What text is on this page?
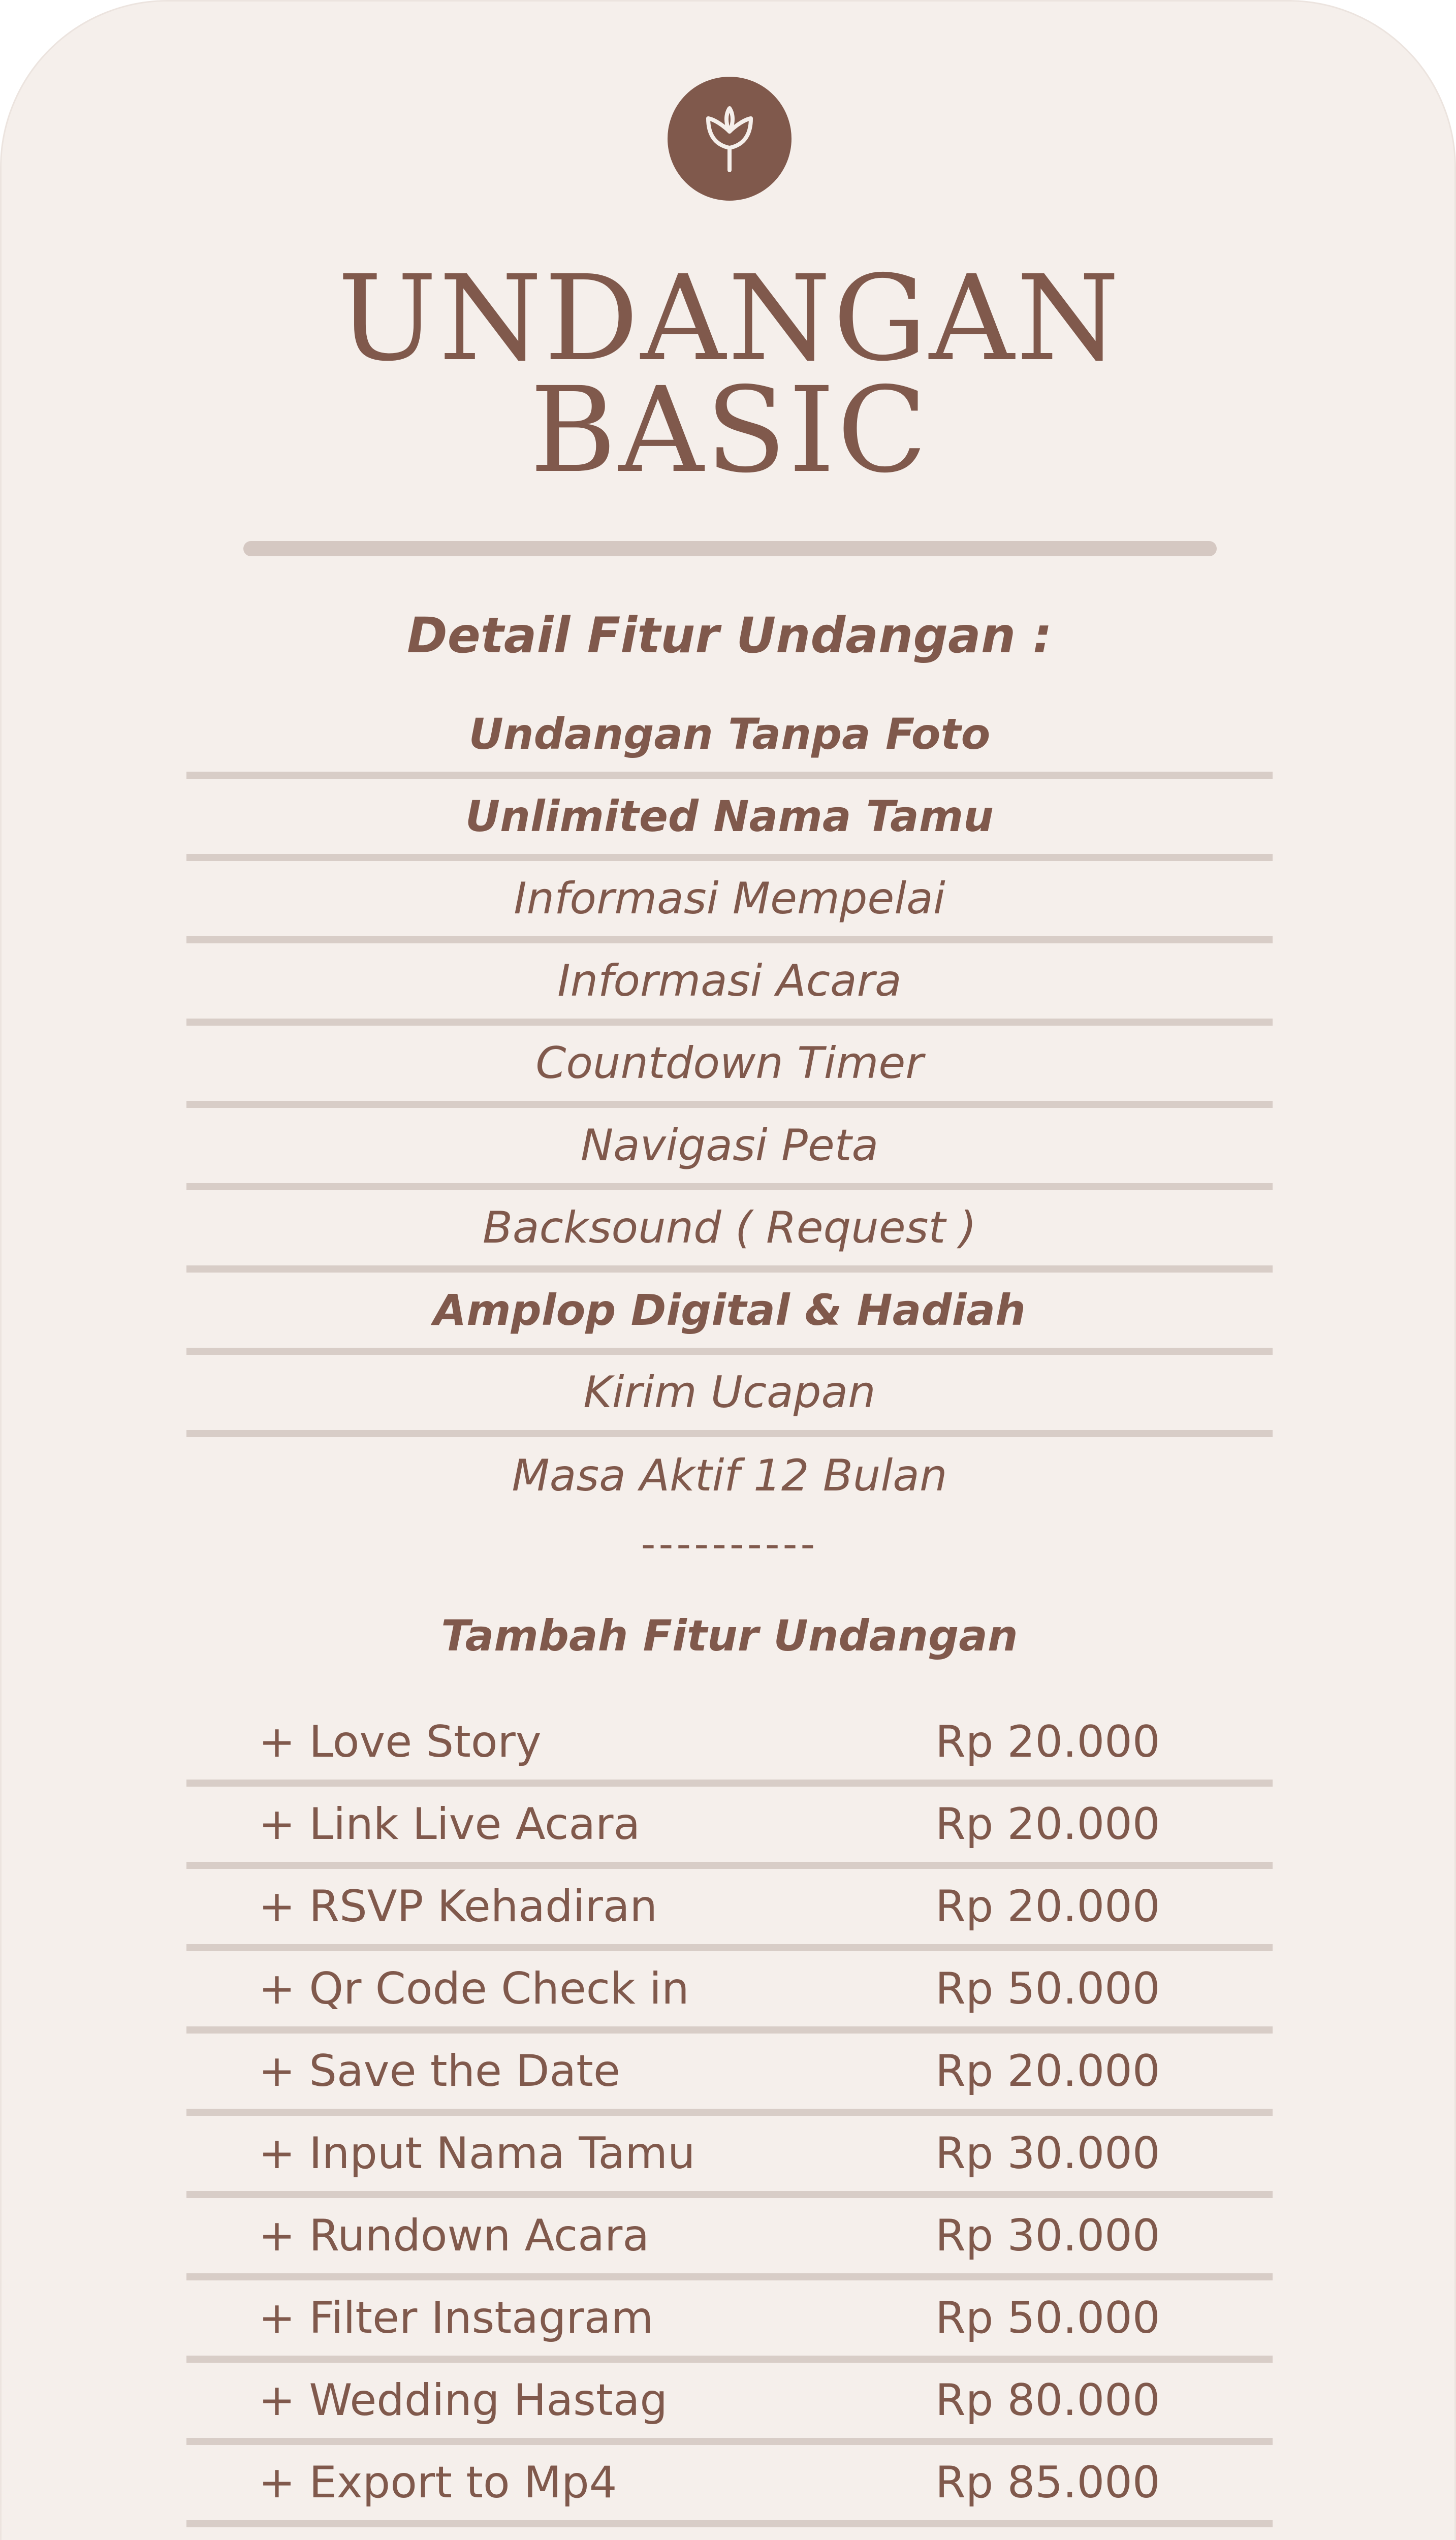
UNDANGAN
BASIC
Detail Fitur Undangan :
Undangan Tanpa Foto
Unlimited Nama Tamu
Informasi Mempelai
Informasi Acara
Countdown Timer
Navigasi Peta
Backsound ( Request )
Amplop Digital & Hadiah
Kirim Ucapan
Masa Aktif 12 Bulan
----------
Tambah Fitur Undangan
+ Love Story	Rp 20.000
+ Link Live Acara	Rp 20.000
+ RSVP Kehadiran	Rp 20.000
+ Qr Code Check in	Rp 50.000
+ Save the Date	Rp 20.000
+ Input Nama Tamu	Rp 30.000
+ Rundown Acara	Rp 30.000
+ Filter Instagram	Rp 50.000
+ Wedding Hastag	Rp 80.000
+ Export to Mp4	Rp 85.000
